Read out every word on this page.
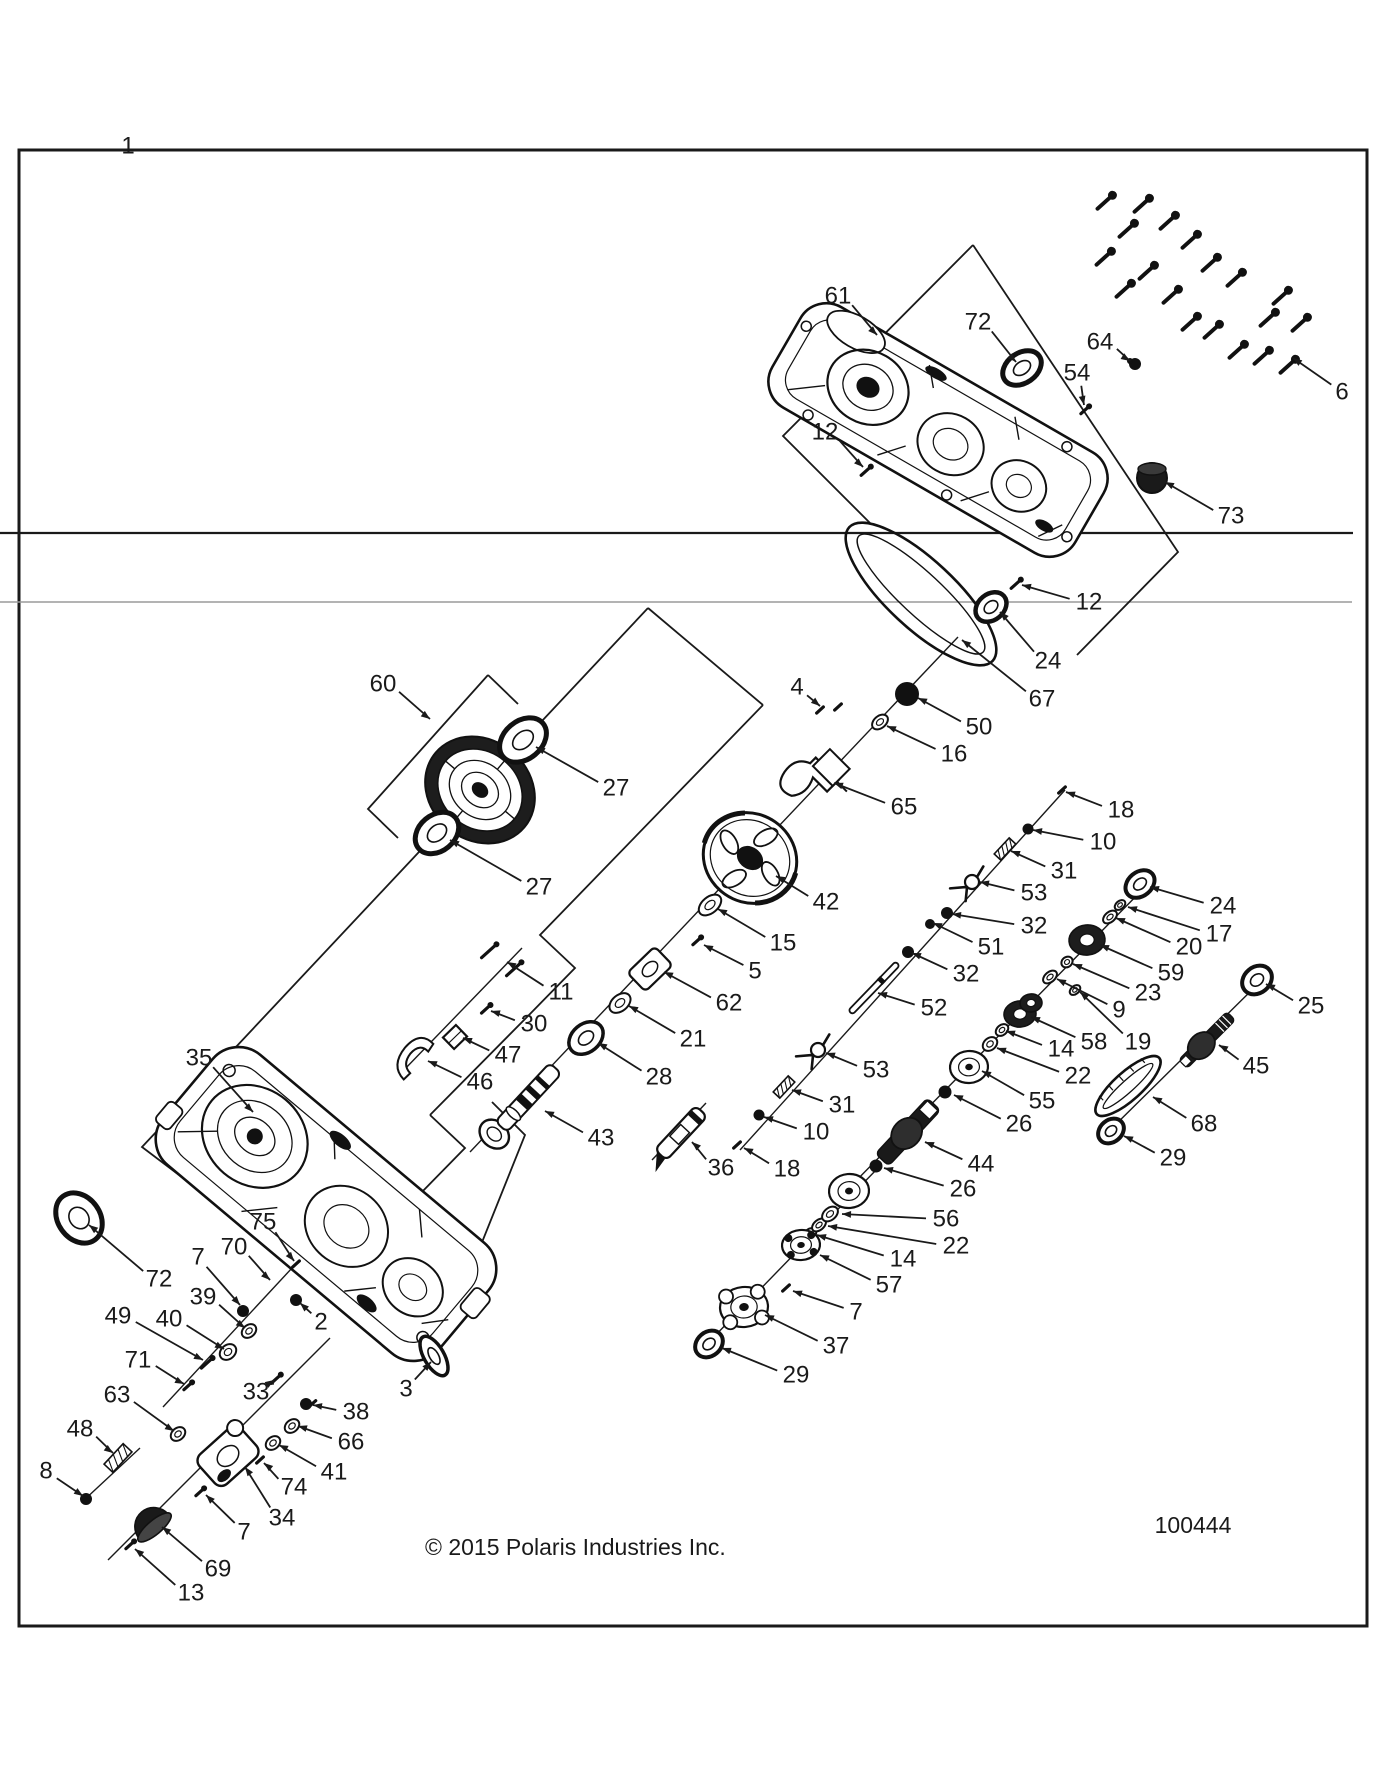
1
6
61
72
64
54
12
73
12
24
67
60
27
4
50
16
65
42
27
18
10
31
53
32
51
32
52
24
17
20
59
23
9
19
58
14
25
45
68
29
44
26
55
22
26
56
22
14
57
7
37
29
36 18
10
31
53
11
30
47
46
62
21
28
43
15
5
35
72
75
70
7
39
2
49 40
71
63	33
38
66
41
74
34
7
48
8
69
13
3
© 2015 Polaris Industries Inc.
100444
